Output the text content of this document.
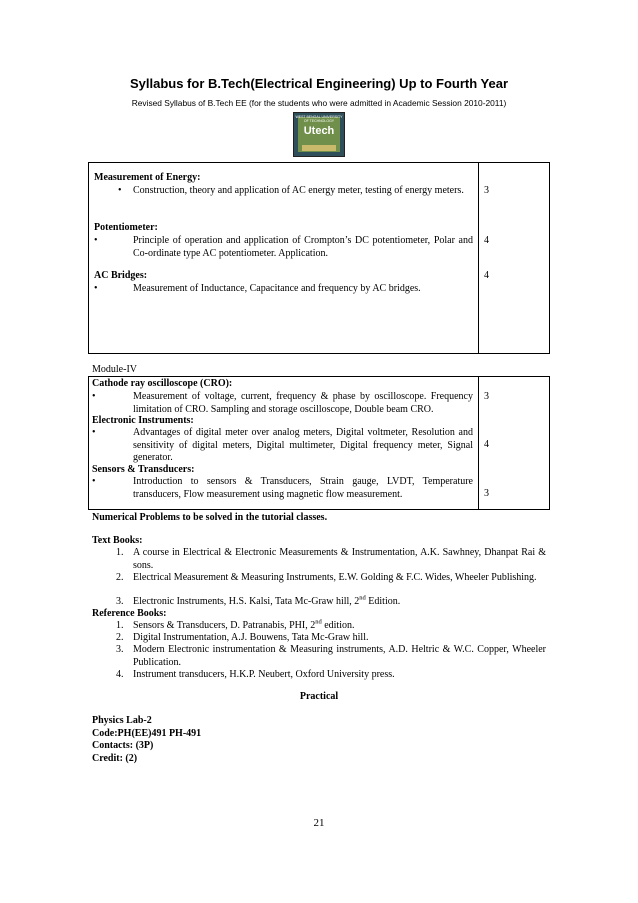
Syllabus for B.Tech(Electrical Engineering) Up to Fourth Year
Revised Syllabus of B.Tech EE (for the students who were admitted in Academic Session 2010-2011)
WEST BENGAL UNIVERSITY OF TECHNOLOGY
Utech
Measurement of Energy:
• Construction, theory and application of AC energy meter, testing of energy meters.	3
Potentiometer:
•	Principle of operation and application of Crompton’s DC potentiometer, Polar and Co-ordinate type AC potentiometer. Application.
4
AC Bridges:
•	Measurement of Inductance, Capacitance and frequency by AC bridges.
4
Module-IV
Cathode ray oscilloscope (CRO):
•	Measurement of voltage, current, frequency & phase by oscilloscope. Frequency limitation of CRO. Sampling and storage oscilloscope, Double beam CRO.
3
Electronic Instruments:
•	Advantages of digital meter over analog meters, Digital voltmeter, Resolution and sensitivity of digital meters, Digital multimeter, Digital frequency meter, Signal generator.
4
Sensors & Transducers:
•	Introduction to sensors & Transducers, Strain gauge, LVDT, Temperature transducers, Flow measurement using magnetic flow measurement.	3
Numerical Problems to be solved in the tutorial classes.
Text Books:
1. A course in Electrical & Electronic Measurements & Instrumentation, A.K. Sawhney, Dhanpat Rai & sons.
2. Electrical Measurement & Measuring Instruments, E.W. Golding & F.C. Wides, Wheeler Publishing.
3. Electronic Instruments, H.S. Kalsi, Tata Mc-Graw hill, 2nd Edition.
Reference Books:
1. Sensors & Transducers, D. Patranabis, PHI, 2nd edition.
2. Digital Instrumentation, A.J. Bouwens, Tata Mc-Graw hill.
3. Modern Electronic instrumentation & Measuring instruments, A.D. Heltric & W.C. Copper, Wheeler Publication.
4. Instrument transducers, H.K.P. Neubert, Oxford University press.
Practical
Physics Lab-2
Code:PH(EE)491 PH-491
Contacts: (3P)
Credit: (2)
21
